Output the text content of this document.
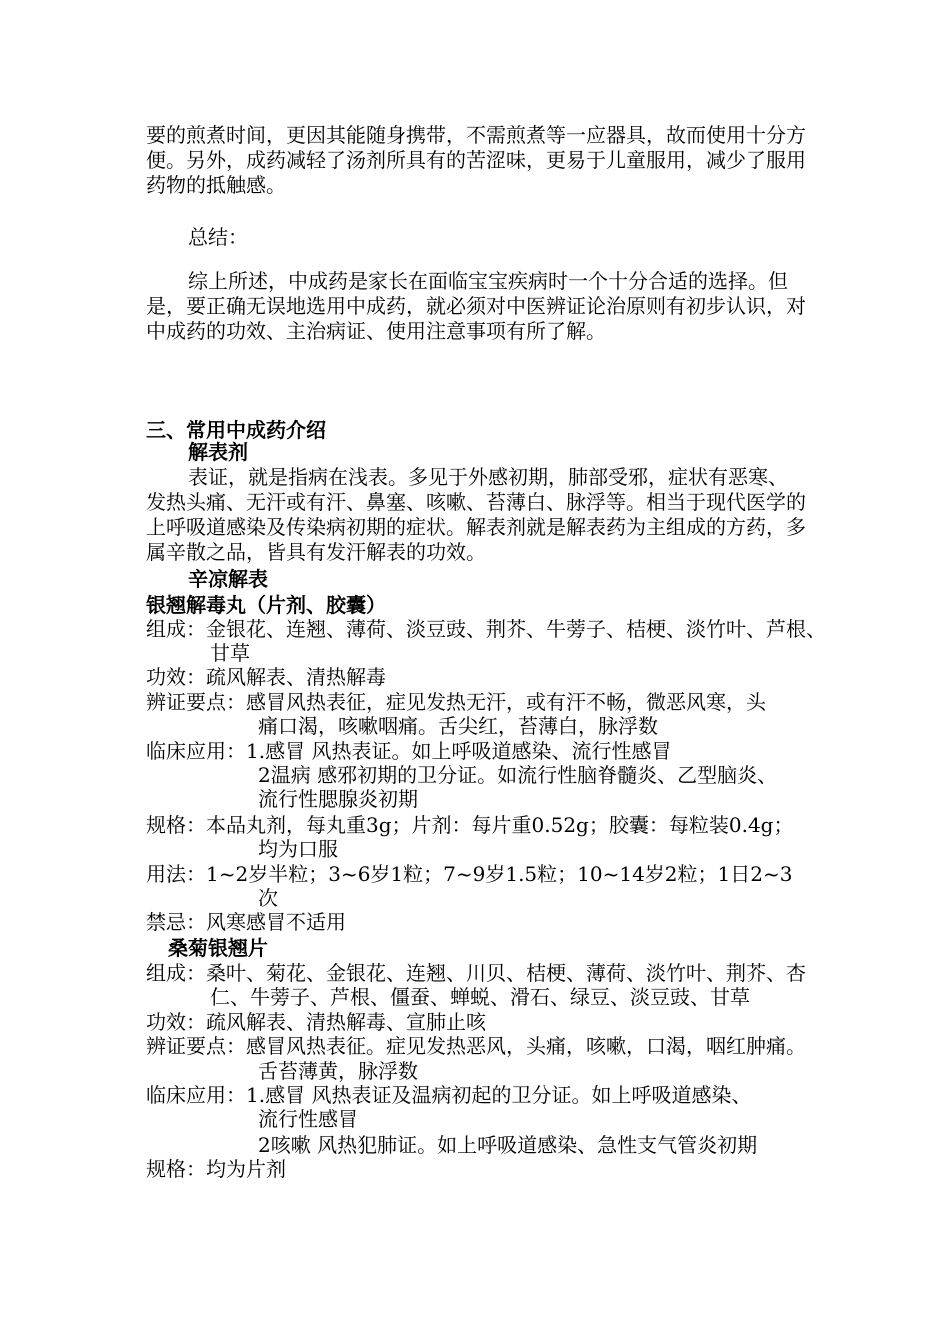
要的煎煮时间，更因其能随身携带，不需煎煮等一应器具，故而使用十分方便。另外，成药减轻了汤剂所具有的苦涩味，更易于儿童服用，减少了服用药物的抵触感。
总结：
综上所述，中成药是家长在面临宝宝疾病时一个十分合适的选择。但是，要正确无误地选用中成药，就必须对中医辨证论治原则有初步认识，对中成药的功效、主治病证、使用注意事项有所了解。
三、常用中成药介绍
解表剂
表证，就是指病在浅表。多见于外感初期，肺部受邪，症状有恶寒、发热头痛、无汗或有汗、鼻塞、咳嗽、苔薄白、脉浮等。相当于现代医学的上呼吸道感染及传染病初期的症状。解表剂就是解表药为主组成的方药，多属辛散之品，皆具有发汗解表的功效。
辛凉解表
银翘解毒丸（片剂、胶囊）
组成：金银花、连翘、薄荷、淡豆豉、荆芥、牛蒡子、桔梗、淡竹叶、芦根、
甘草
功效：疏风解表、清热解毒
辨证要点：感冒风热表征，症见发热无汗，或有汗不畅，微恶风寒，头
痛口渴，咳嗽咽痛。舌尖红，苔薄白，脉浮数
临床应用：1.感冒 风热表证。如上呼吸道感染、流行性感冒
2温病 感邪初期的卫分证。如流行性脑脊髓炎、乙型脑炎、
流行性腮腺炎初期
规格：本品丸剂，每丸重3g；片剂：每片重0.52g；胶囊：每粒装0.4g；
均为口服
用法：1~2岁半粒；3~6岁1粒；7~9岁1.5粒；10~14岁2粒；1日2~3
次
禁忌：风寒感冒不适用
桑菊银翘片
组成：桑叶、菊花、金银花、连翘、川贝、桔梗、薄荷、淡竹叶、荆芥、杏
仁、牛蒡子、芦根、僵蚕、蝉蜕、滑石、绿豆、淡豆豉、甘草
功效：疏风解表、清热解毒、宣肺止咳
辨证要点：感冒风热表征。症见发热恶风，头痛，咳嗽，口渴，咽红肿痛。
舌苔薄黄，脉浮数
临床应用：1.感冒 风热表证及温病初起的卫分证。如上呼吸道感染、
流行性感冒
2咳嗽 风热犯肺证。如上呼吸道感染、急性支气管炎初期
规格：均为片剂
